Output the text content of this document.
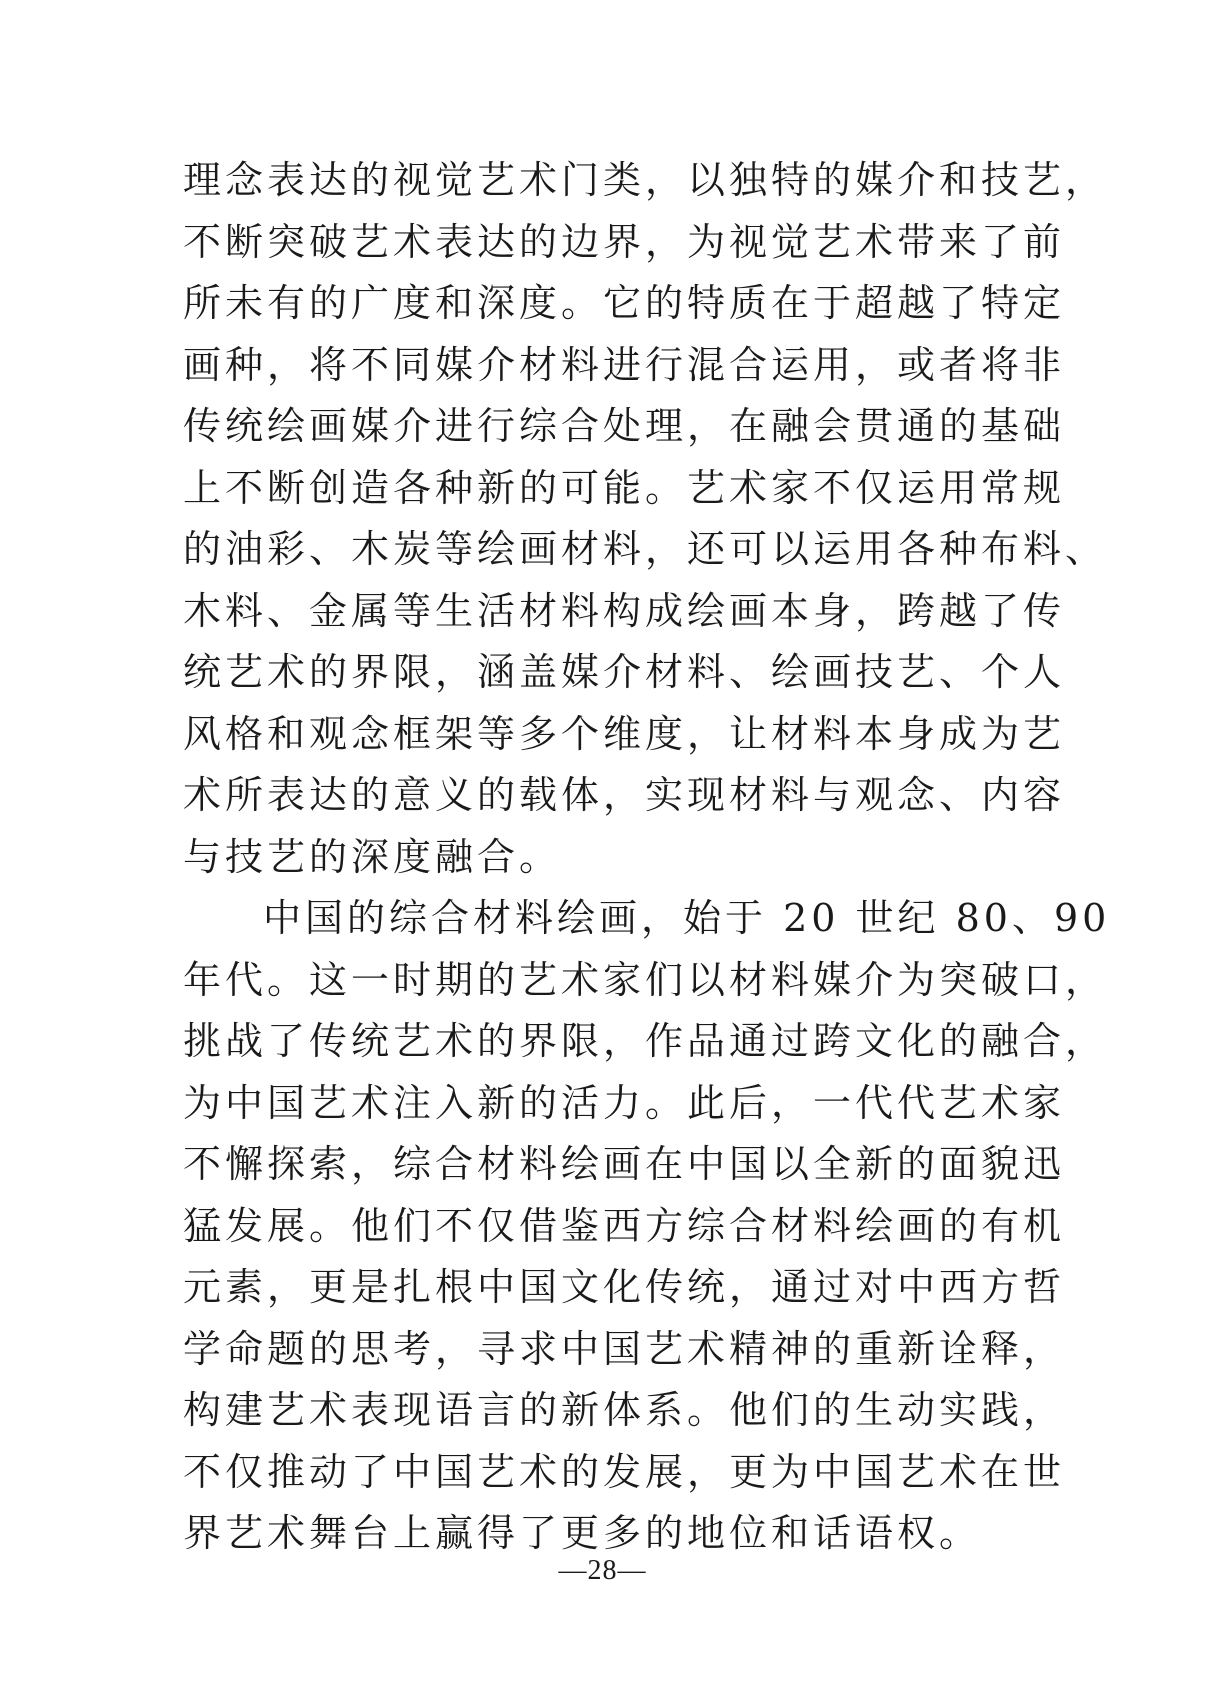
理念表达的视觉艺术门类，以独特的媒介和技艺，
不断突破艺术表达的边界，为视觉艺术带来了前
所未有的广度和深度。它的特质在于超越了特定
画种，将不同媒介材料进行混合运用，或者将非
传统绘画媒介进行综合处理，在融会贯通的基础
上不断创造各种新的可能。艺术家不仅运用常规
的油彩、木炭等绘画材料，还可以运用各种布料、
木料、金属等生活材料构成绘画本身，跨越了传
统艺术的界限，涵盖媒介材料、绘画技艺、个人
风格和观念框架等多个维度，让材料本身成为艺
术所表达的意义的载体，实现材料与观念、内容
与技艺的深度融合。
中国的综合材料绘画，始于 20 世纪 80、90
年代。这一时期的艺术家们以材料媒介为突破口，
挑战了传统艺术的界限，作品通过跨文化的融合，
为中国艺术注入新的活力。此后，一代代艺术家
不懈探索，综合材料绘画在中国以全新的面貌迅
猛发展。他们不仅借鉴西方综合材料绘画的有机
元素，更是扎根中国文化传统，通过对中西方哲
学命题的思考，寻求中国艺术精神的重新诠释，
构建艺术表现语言的新体系。他们的生动实践，
不仅推动了中国艺术的发展，更为中国艺术在世
界艺术舞台上赢得了更多的地位和话语权。
—28—
